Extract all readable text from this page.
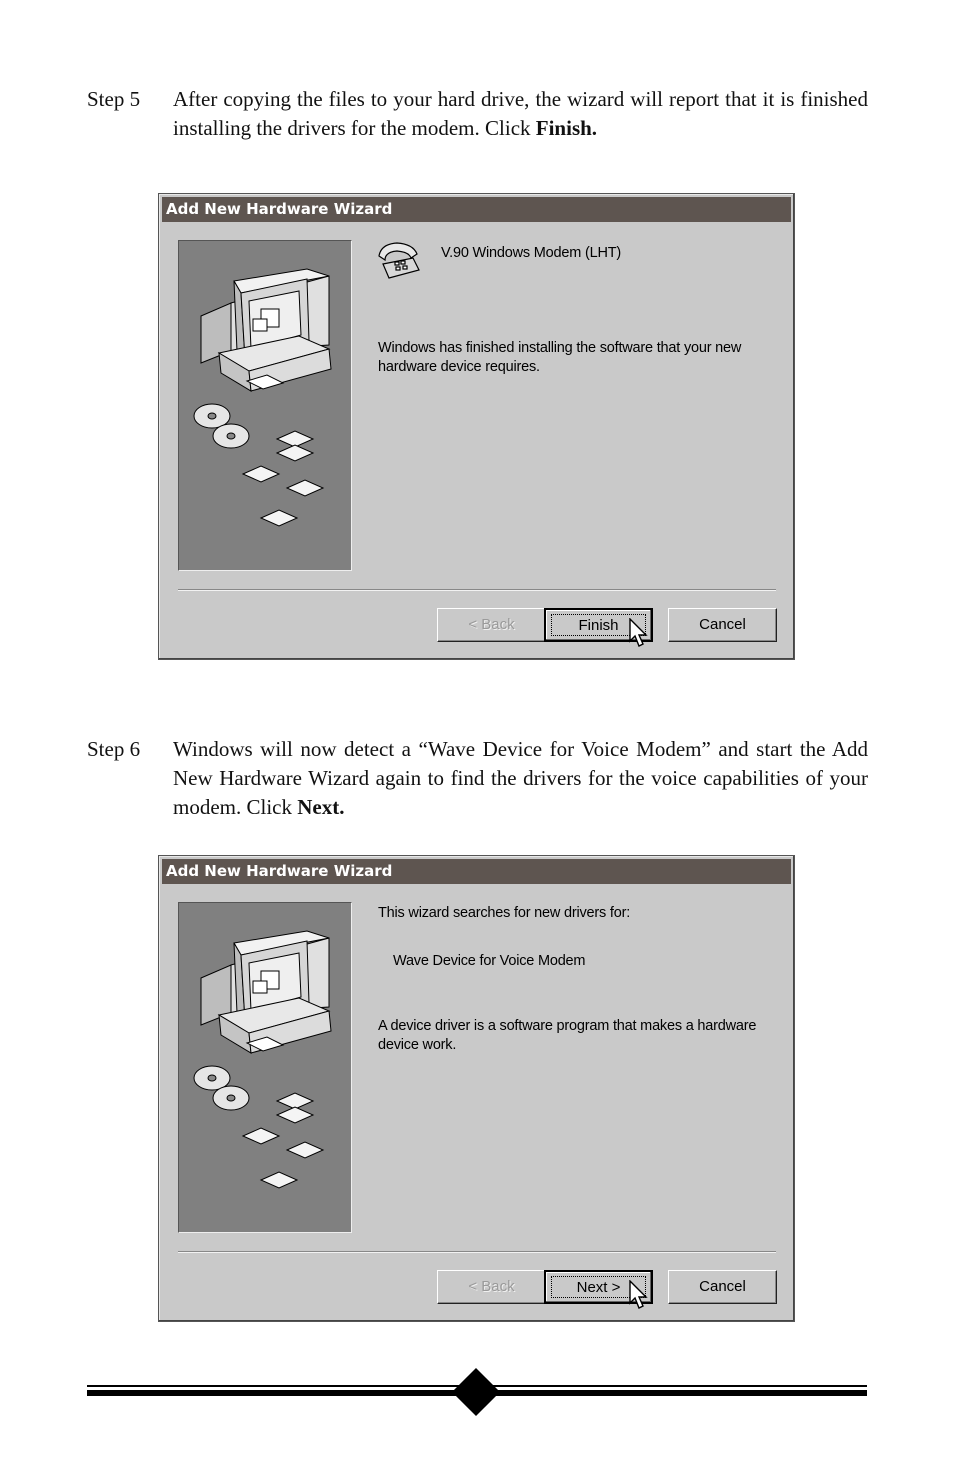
Step 5 After copying the files to your hard drive, the wizard will report that it is finished installing the drivers for the modem. Click Finish.
Add New Hardware Wizard
V.90 Windows Modem (LHT)
Windows has finished installing the software that your new hardware device requires.
< Back	Finish	Cancel
Step 6 Windows will now detect a “Wave Device for Voice Modem” and start the Add New Hardware Wizard again to find the drivers for the voice capabilities of your modem. Click Next.
Add New Hardware Wizard
This wizard searches for new drivers for:
Wave Device for Voice Modem
A device driver is a software program that makes a hardware device work.
< Back	Next >	Cancel
